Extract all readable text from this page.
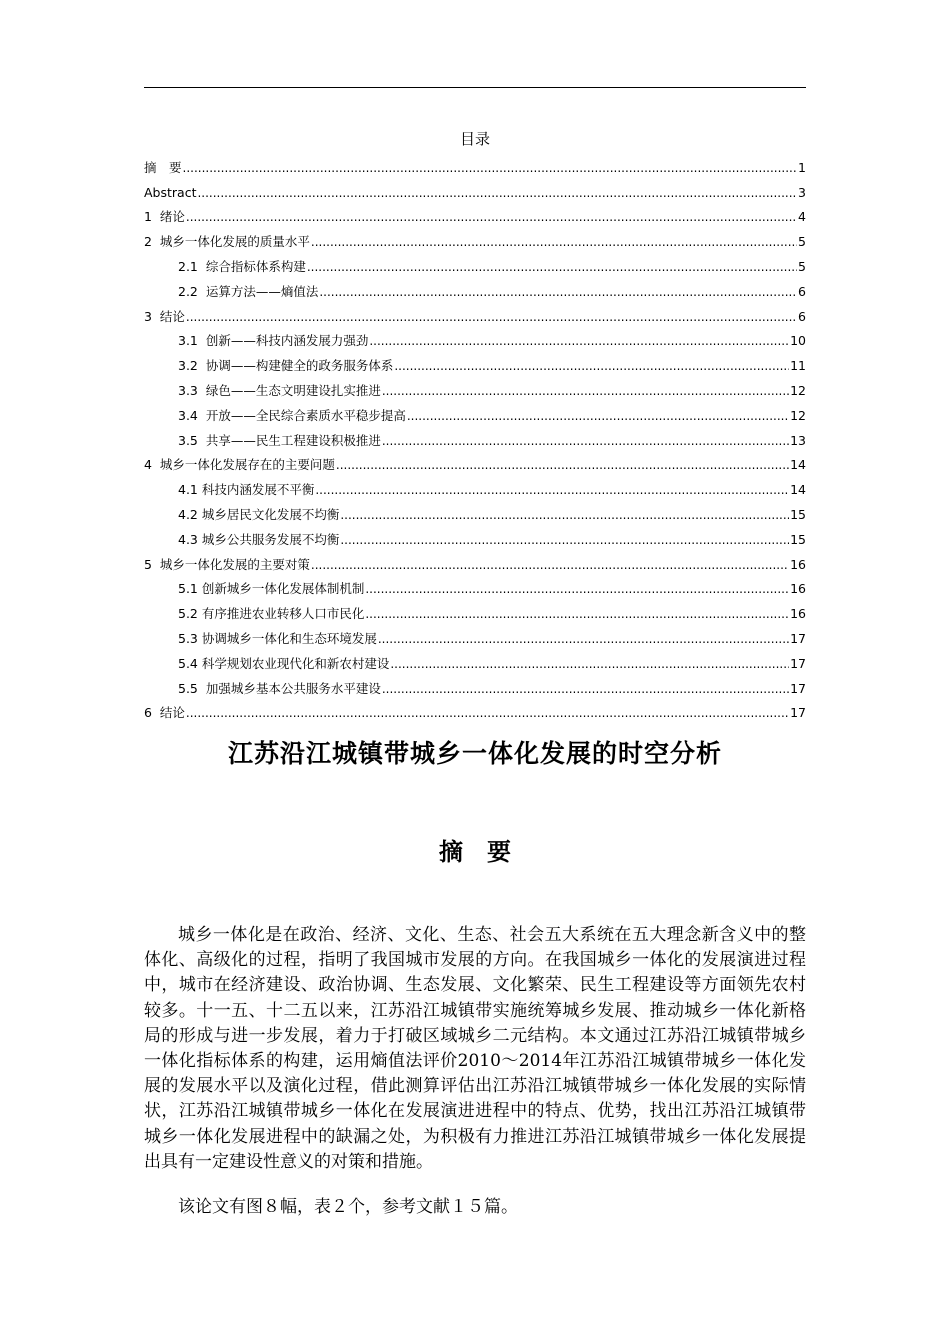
目录
摘　要 .....	1
Abstract .....	3
1  绪论 .....	4
2  城乡一体化发展的质量水平 .....	5
2.1  综合指标体系构建 .....	5
2.2  运算方法——熵值法 .....	6
3  结论 .....	6
3.1  创新——科技内涵发展力强劲 .....	10
3.2  协调——构建健全的政务服务体系 .....	11
3.3  绿色——生态文明建设扎实推进 .....	12
3.4  开放——全民综合素质水平稳步提高 .....	12
3.5  共享——民生工程建设积极推进 .....	13
4  城乡一体化发展存在的主要问题 .....	14
4.1 科技内涵发展不平衡 .....	14
4.2 城乡居民文化发展不均衡 .....	15
4.3 城乡公共服务发展不均衡 .....	15
5  城乡一体化发展的主要对策 .....	16
5.1 创新城乡一体化发展体制机制 .....	16
5.2 有序推进农业转移人口市民化 .....	16
5.3 协调城乡一体化和生态环境发展 .....	17
5.4 科学规划农业现代化和新农村建设 .....	17
5.5  加强城乡基本公共服务水平建设 .....	17
6  结论 .....	17
江苏沿江城镇带城乡一体化发展的时空分析
摘　要

城乡一体化是在政治、经济、文化、生态、社会五大系统在五大理念新含义中的整体化、高级化的过程，指明了我国城市发展的方向。在我国城乡一体化的发展演进过程中，城市在经济建设、政治协调、生态发展、文化繁荣、民生工程建设等方面领先农村较多。十一五、十二五以来，江苏沿江城镇带实施统筹城乡发展、推动城乡一体化新格局的形成与进一步发展，着力于打破区域城乡二元结构。本文通过江苏沿江城镇带城乡一体化指标体系的构建，运用熵值法评价2010～2014年江苏沿江城镇带城乡一体化发展的发展水平以及演化过程，借此测算评估出江苏沿江城镇带城乡一体化发展的实际情状，江苏沿江城镇带城乡一体化在发展演进进程中的特点、优势，找出江苏沿江城镇带城乡一体化发展进程中的缺漏之处，为积极有力推进江苏沿江城镇带城乡一体化发展提出具有一定建设性意义的对策和措施。

该论文有图８幅，表２个，参考文献１５篇。
